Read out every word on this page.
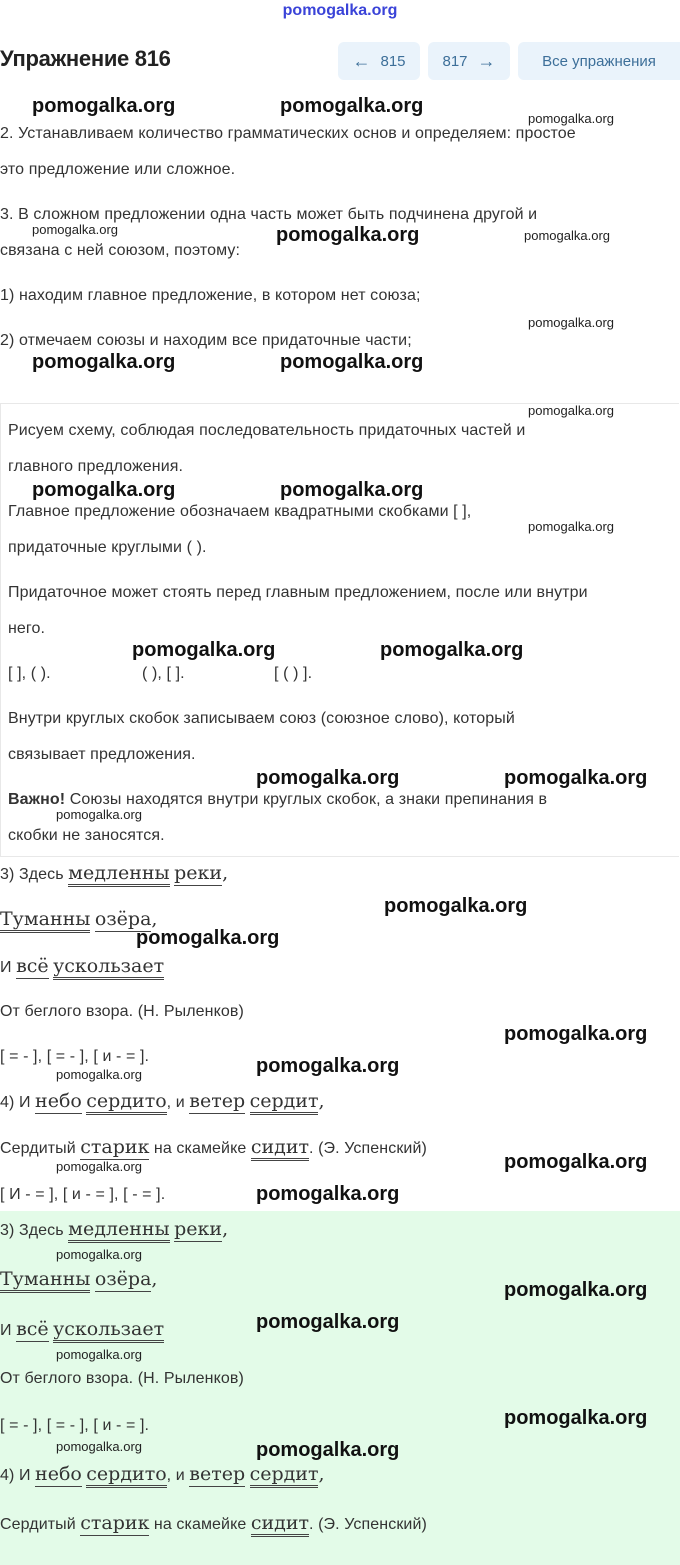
pomogalka.org
Упражнение 816	← 815 817 →	Все упражнения
2. Устанавливаем количество грамматических основ и определяем: простое
это предложение или сложное.
3. В сложном предложении одна часть может быть подчинена другой и
связана с ней союзом, поэтому:
1) находим главное предложение, в котором нет союза;
2) отмечаем союзы и находим все придаточные части;
Рисуем схему, соблюдая последовательность придаточных частей и
главного предложения.
Главное предложение обозначаем квадратными скобками [ ],
придаточные круглыми ( ).
Придаточное может стоять перед главным предложением, после или внутри
него.
[ ], ( ).	( ), [ ].	[ ( ) ].
Внутри круглых скобок записываем союз (союзное слово), который
связывает предложения.
Важно! Союзы находятся внутри круглых скобок, а знаки препинания в
скобки не заносятся.
3) Здесь медленны реки,
Туманны озёра,
И всё ускользает
От беглого взора. (Н. Рыленков)
[ = - ], [ = - ], [ и - = ].
4) И небо сердито, и ветер сердит,
Сердитый старик на скамейке сидит. (Э. Успенский)
[ И - = ], [ и - = ], [ - = ].
3) Здесь медленны реки,
Туманны озёра,
И всё ускользает
От беглого взора. (Н. Рыленков)
[ = - ], [ = - ], [ и - = ].
4) И небо сердито, и ветер сердит,
Сердитый старик на скамейке сидит. (Э. Успенский)
pomogalka.org	pomogalka.org
pomogalka.org
pomogalka.org	pomogalka.org	pomogalka.org
pomogalka.org
pomogalka.org	pomogalka.org
pomogalka.org
pomogalka.org	pomogalka.org
pomogalka.org
pomogalka.org	pomogalka.org
pomogalka.org	pomogalka.org
pomogalka.org
pomogalka.org
pomogalka.org
pomogalka.org
pomogalka.org
pomogalka.org
pomogalka.org
pomogalka.org
pomogalka.org
pomogalka.org
pomogalka.org
pomogalka.org
pomogalka.org
pomogalka.org
pomogalka.org	pomogalka.org
